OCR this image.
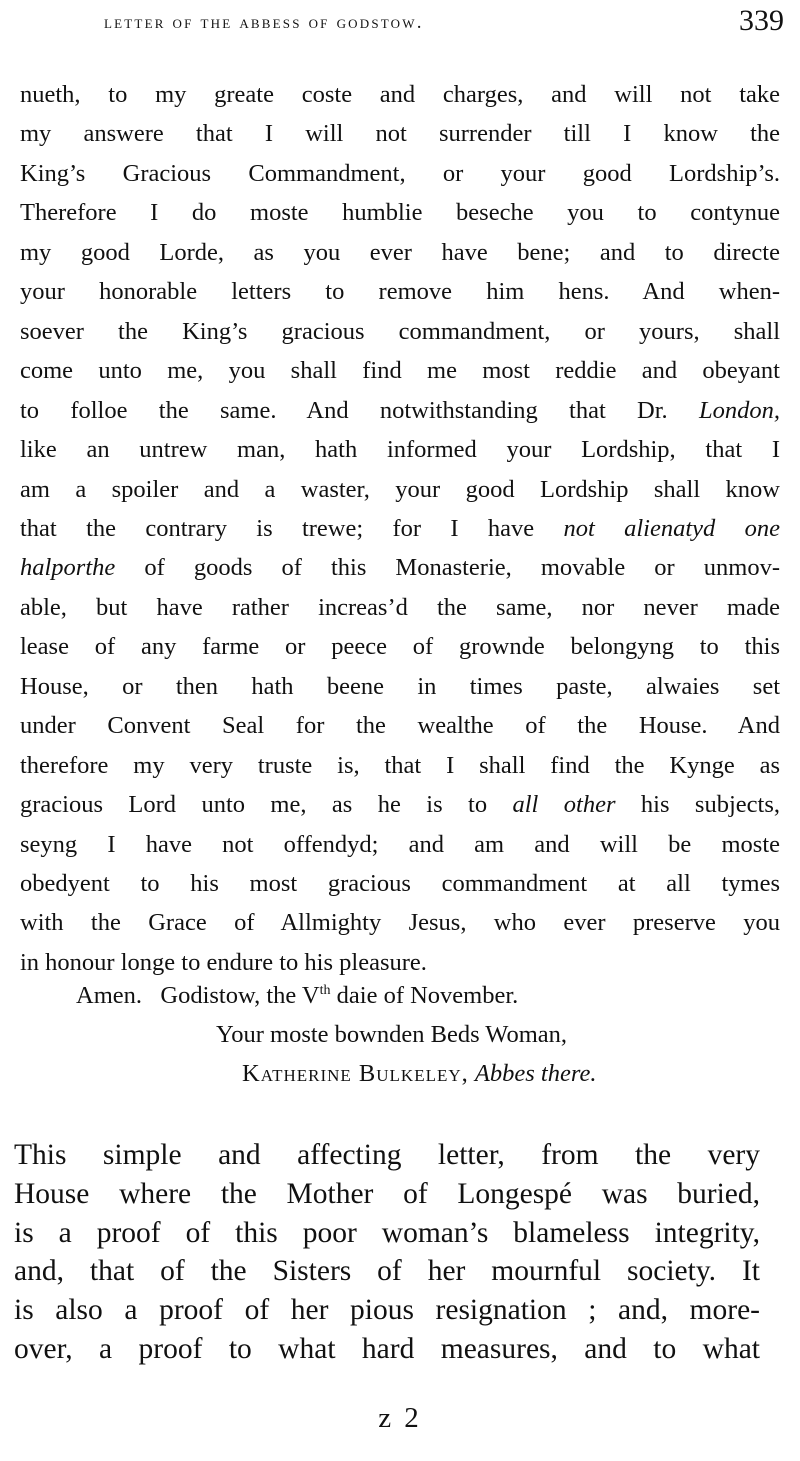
letter of the abbess of godstow.	339
nueth, to my greate coste and charges, and will not take
my answere that I will not surrender till I know the
King’s Gracious Commandment, or your good Lordship’s.
Therefore I do moste humblie beseche you to contynue
my good Lorde, as you ever have bene; and to directe
your honorable letters to remove him hens. And when-
soever the King’s gracious commandment, or yours, shall
come unto me, you shall find me most reddie and obeyant
to folloe the same. And notwithstanding that Dr. London,
like an untrew man, hath informed your Lordship, that I
am a spoiler and a waster, your good Lordship shall know
that the contrary is trewe; for I have not alienatyd one
halporthe of goods of this Monasterie, movable or unmov-
able, but have rather increas’d the same, nor never made
lease of any farme or peece of grownde belongyng to this
House, or then hath beene in times paste, alwaies set
under Convent Seal for the wealthe of the House. And
therefore my very truste is, that I shall find the Kynge as
gracious Lord unto me, as he is to all other his subjects,
seyng I have not offendyd; and am and will be moste
obedyent to his most gracious commandment at all tymes
with the Grace of Allmighty Jesus, who ever preserve you
in honour longe to endure to his pleasure.
Amen. Godistow, the Vth daie of November.
Your moste bownden Beds Woman,
Katherine Bulkeley, Abbes there.
This simple and affecting letter, from the very
House where the Mother of Longespé was buried,
is a proof of this poor woman’s blameless integrity,
and, that of the Sisters of her mournful society. It
is also a proof of her pious resignation ; and, more-
over, a proof to what hard measures, and to what
z 2
